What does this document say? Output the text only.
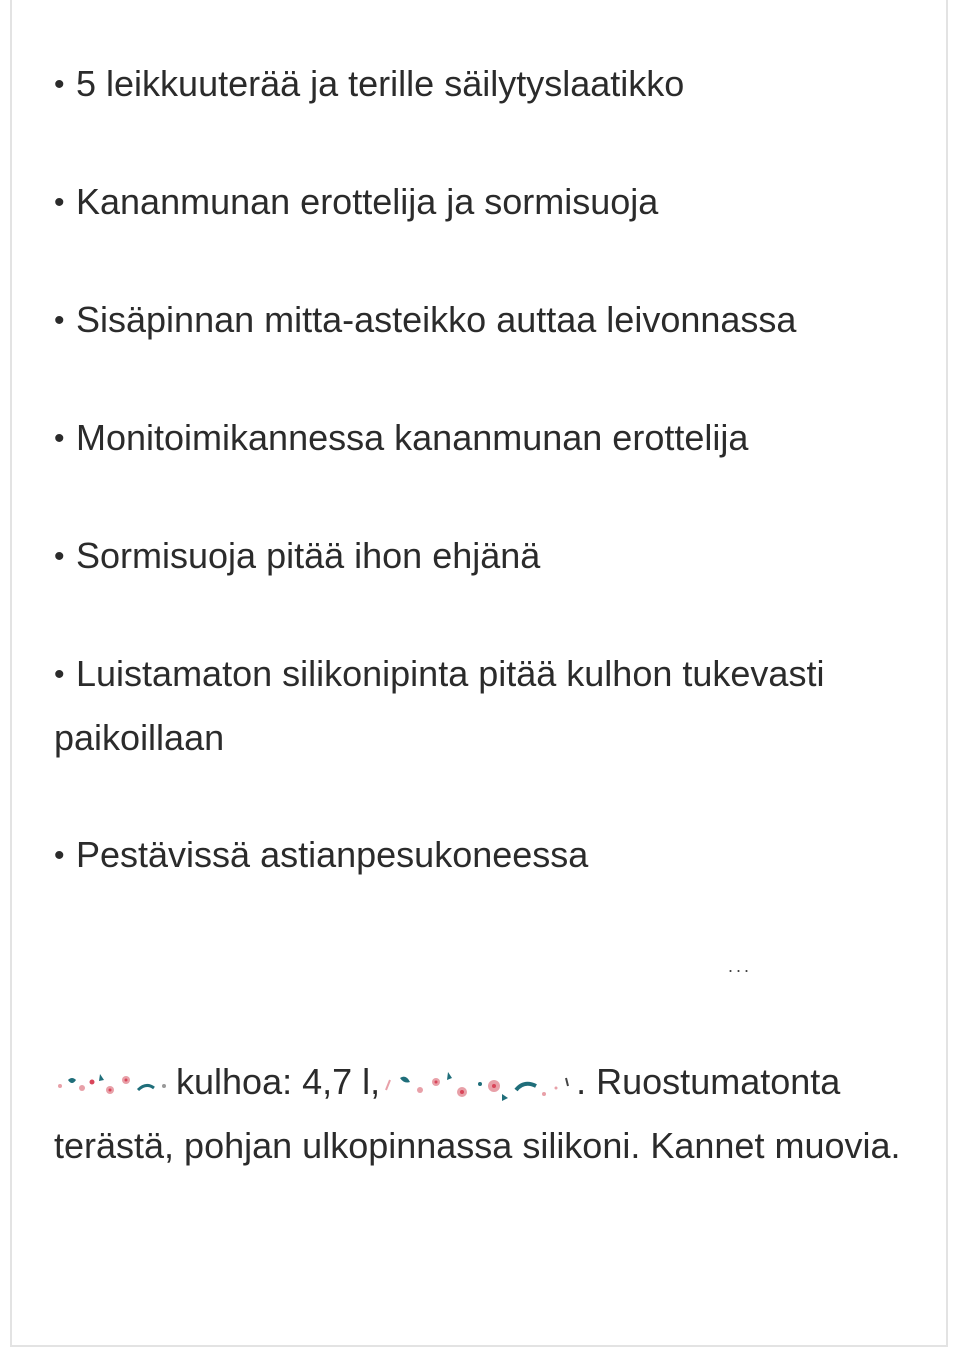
• 5 leikkuuterää ja terille säilytyslaatikko
• Kananmunan erottelija ja sormisuoja
• Sisäpinnan mitta-asteikko auttaa leivonnassa
• Monitoimikannessa kananmunan erottelija
• Sormisuoja pitää ihon ehjänä
• Luistamaton silikonipinta pitää kulhon tukevasti paikoillaan
• Pestävissä astianpesukoneessa
...

kulhoa: 4,7 l,	. Ruostumatonta terästä, pohjan ulkopinnassa silikoni. Kannet muovia.
